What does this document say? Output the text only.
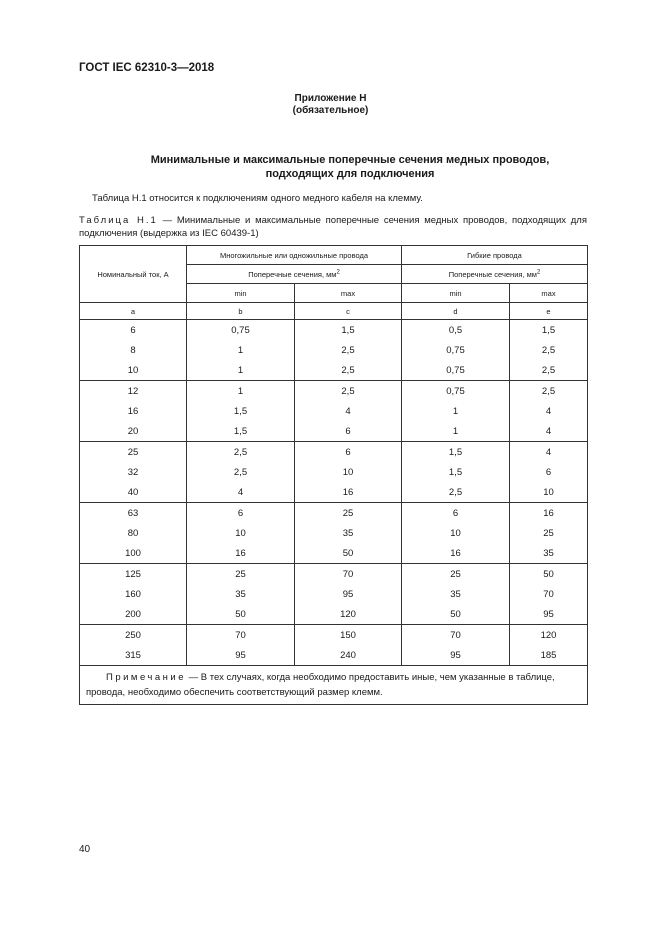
ГОСТ IEC 62310-3—2018
Приложение Н
(обязательное)
Минимальные и максимальные поперечные сечения медных проводов,
подходящих для подключения
Таблица Н.1 относится к подключениям одного медного кабеля на клемму.
Таблица Н.1 — Минимальные и максимальные поперечные сечения медных проводов, подходящих для подключения (выдержка из IEC 60439-1)
Номинальный ток, А	Многожильные или одножильные провода		Гибкие провода	
	Поперечные сечения, $мм^2$		Поперечные сечения, $мм^2$
	min	max	min	max
a	b	c	d	e
6	0,75	1,5	0,5	1,5
8	1	2,5	0,75	2,5
10	1	2,5	0,75	2,5
12	1	2,5	0,75	2,5
16	1,5	4	1	4
20	1,5	6	1	4
25	2,5	6	1,5	4
32	2,5	10	1,5	6
40	4	16	2,5	10
63	6	25	6	16
80	10	35	10	25
100	16	50	16	35
125	25	70	25	50
160	35	95	35	70
200	50	120	50	95
250	70	150	70	120
315	95	240	95	185
Примечание — В тех случаях, когда необходимо предоставить иные, чем указанные в таблице, провода, необходимо обеспечить соответствующий размер клемм.				
40
